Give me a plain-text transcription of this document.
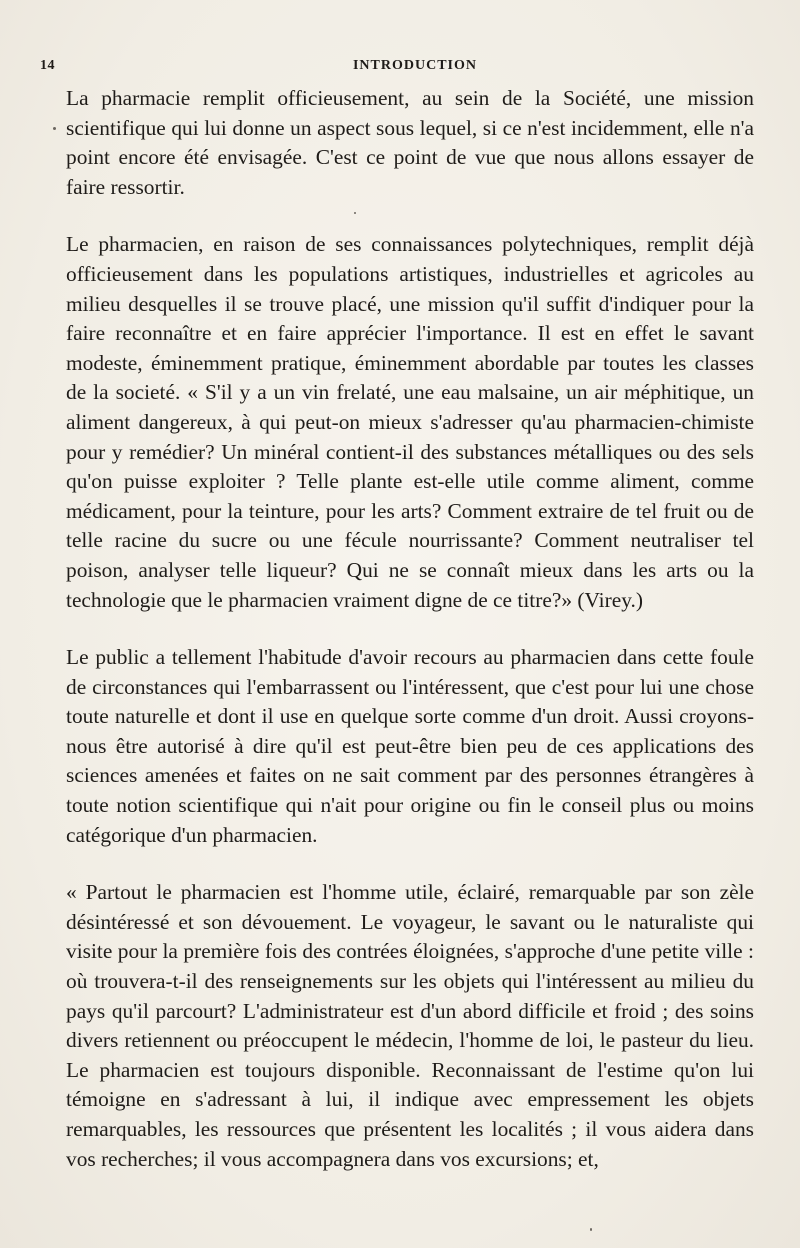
14	INTRODUCTION

La pharmacie remplit officieusement, au sein de la Société, une mission scientifique qui lui donne un aspect sous lequel, si ce n'est incidemment, elle n'a point encore été envisagée. C'est ce point de vue que nous allons essayer de faire ressortir.

Le pharmacien, en raison de ses connaissances polytechniques, remplit déjà officieusement dans les populations artistiques, industrielles et agricoles au milieu desquelles il se trouve placé, une mission qu'il suffit d'indiquer pour la faire reconnaître et en faire apprécier l'importance. Il est en effet le savant modeste, éminemment pratique, éminemment abordable par toutes les classes de la societé. « S'il y a un vin frelaté, une eau malsaine, un air méphitique, un aliment dangereux, à qui peut-on mieux s'adresser qu'au pharmacien-chimiste pour y remédier? Un minéral contient-il des substances métalliques ou des sels qu'on puisse exploiter ? Telle plante est-elle utile comme aliment, comme médicament, pour la teinture, pour les arts? Comment extraire de tel fruit ou de telle racine du sucre ou une fécule nourrissante? Comment neutraliser tel poison, analyser telle liqueur? Qui ne se connaît mieux dans les arts ou la technologie que le pharmacien vraiment digne de ce titre?» (Virey.)

Le public a tellement l'habitude d'avoir recours au pharmacien dans cette foule de circonstances qui l'embarrassent ou l'intéressent, que c'est pour lui une chose toute naturelle et dont il use en quelque sorte comme d'un droit. Aussi croyons-nous être autorisé à dire qu'il est peut-être bien peu de ces applications des sciences amenées et faites on ne sait comment par des personnes étrangères à toute notion scientifique qui n'ait pour origine ou fin le conseil plus ou moins catégorique d'un pharmacien.

« Partout le pharmacien est l'homme utile, éclairé, remarquable par son zèle désintéressé et son dévouement. Le voyageur, le savant ou le naturaliste qui visite pour la première fois des contrées éloignées, s'approche d'une petite ville : où trouvera-t-il des renseignements sur les objets qui l'intéressent au milieu du pays qu'il parcourt? L'administrateur est d'un abord difficile et froid ; des soins divers retiennent ou préoccupent le médecin, l'homme de loi, le pasteur du lieu. Le pharmacien est toujours disponible. Reconnaissant de l'estime qu'on lui témoigne en s'adressant à lui, il indique avec empressement les objets remarquables, les ressources que présentent les localités ; il vous aidera dans vos recherches; il vous accompagnera dans vos excursions; et,
